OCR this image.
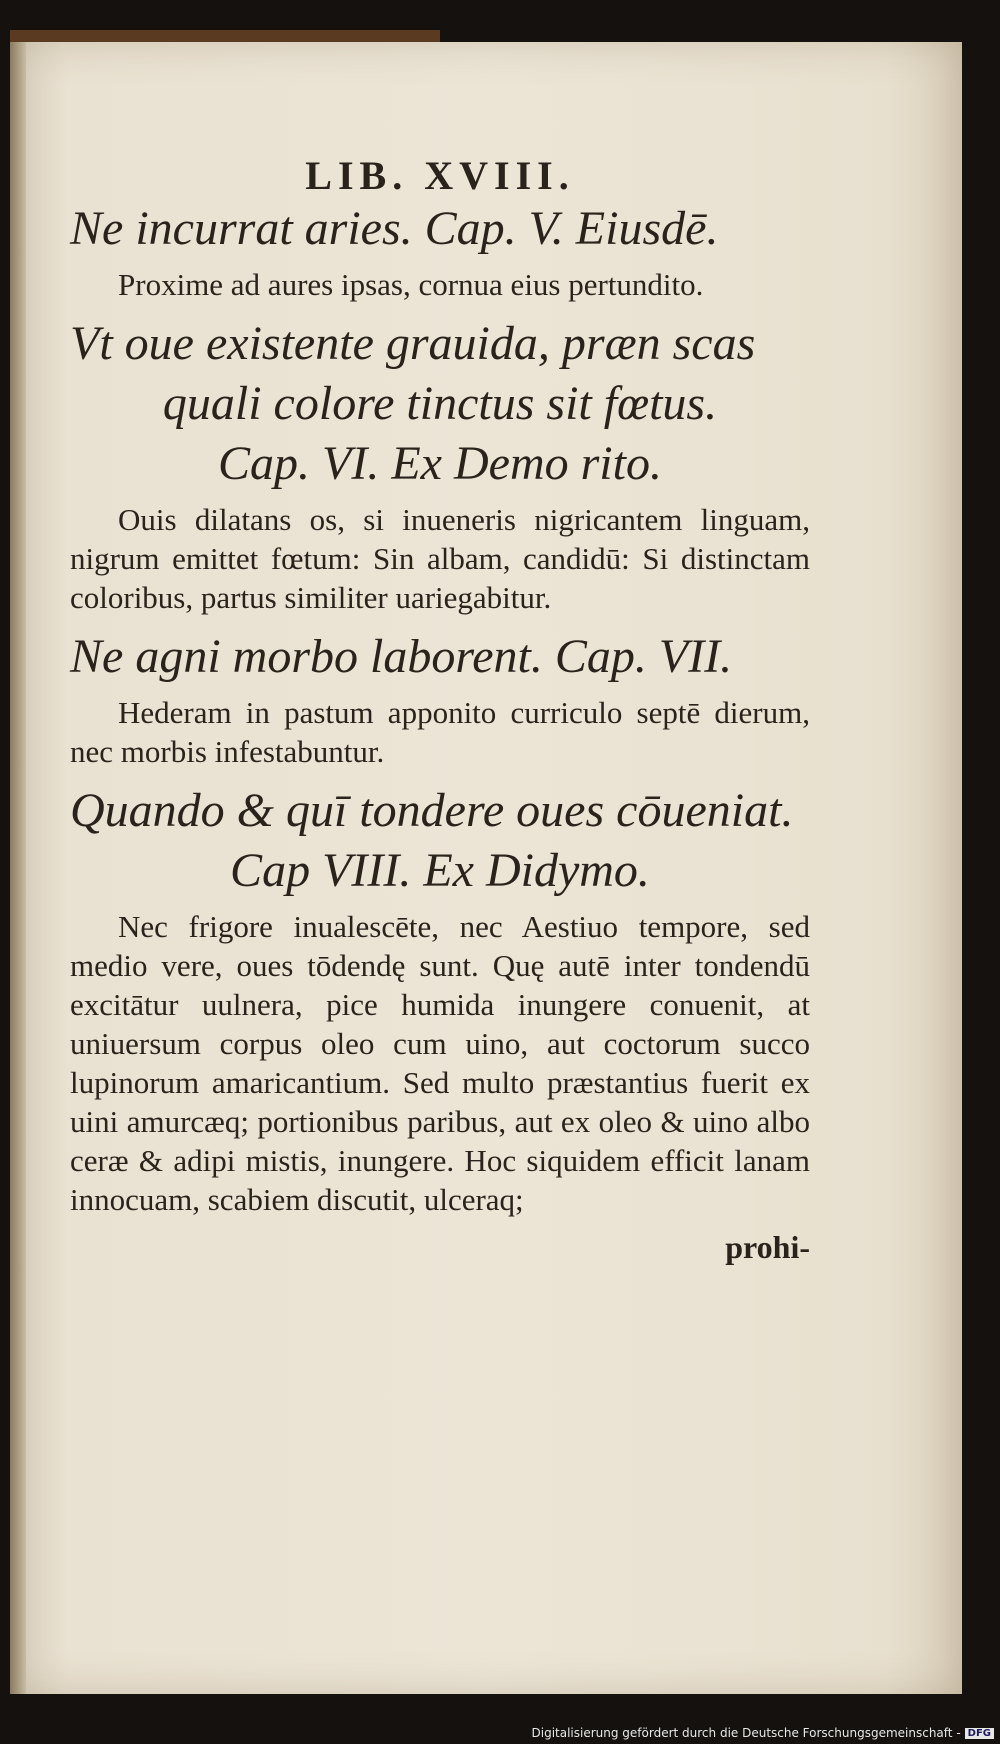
LIB. XVIII.

Ne incurrat aries. Cap. V. Eiusdē.

Proxime ad aures ipsas, cornua eius pertundito.

Vt oue existente grauida, præn scas

quali colore tinctus sit fœtus.

Cap. VI. Ex Demo rito.

Ouis dilatans os, si inueneris nigricantem linguam, nigrum emittet fœtum: Sin albam, candidū: Si distinctam coloribus, partus similiter uariegabitur.

Ne agni morbo laborent. Cap. VII.

Hederam in pastum apponito curriculo septē dierum, nec morbis infestabuntur.

Quando & quī tondere oues cōueniat.

Cap VIII. Ex Didymo.

Nec frigore inualescēte, nec Aestiuo tempore, sed medio vere, oues tōdendę sunt. Quę autē inter tondendū excitātur uulnera, pice humida inungere conuenit, at uniuersum corpus oleo cum uino, aut coctorum succo lupinorum amaricantium. Sed multo præstantius fuerit ex uini amurcæq; portionibus paribus, aut ex oleo & uino albo ceræ & adipi mistis, inungere. Hoc siquidem efficit lanam innocuam, scabiem discutit, ulceraq;

prohi-

Digitalisierung gefördert durch die Deutsche Forschungsgemeinschaft - DFG
